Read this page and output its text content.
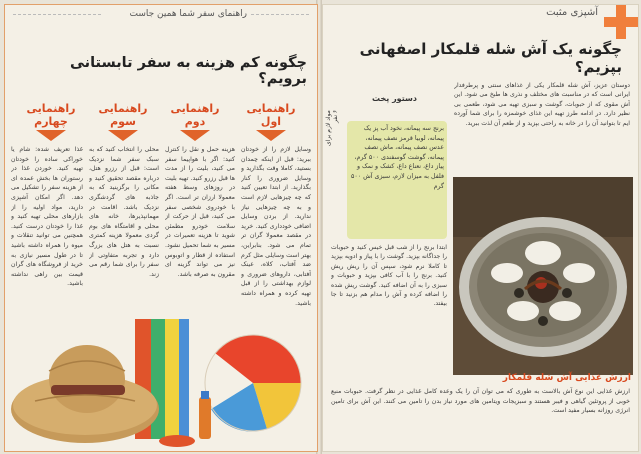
راهنمای سفر شما همین جاست
چگونه کم هزینه به سفر تابستانی برویم؟
راهنمایی اول
راهنمایی دوم
راهنمایی سوم
راهنمایی چهارم
وسایل لازم را از خودتان ببرید: قبل از اینکه چمدان بستید، کاملا وقت بگذارید و وسایل ضروری را کنار بگذارید. از ابتدا تعیین کنید که چه چیزهایی لازم است و به چه چیزهایی نیاز ندارید. از بردن وسایل اضافی خودداری کنید. خرید در مقصد معمولا گران تر تمام می شود. بنابراین، بهتر است وسایلی مثل کرم ضد آفتاب، کلاه، عینک آفتابی، داروهای ضروری و لوازم بهداشتی را از قبل تهیه کرده و همراه داشته باشید.
هزینه حمل و نقل را کنترل کنید: اگر با هواپیما سفر می کنید، بلیت را از مدت ها قبل رزرو کنید. تهیه بلیت در روزهای وسط هفته معمولا ارزان تر است. اگر با خودروی شخصی سفر می کنید، قبل از حرکت از سلامت خودرو مطمئن شوید تا هزینه تعمیرات در مسیر به شما تحمیل نشود. استفاده از قطار و اتوبوس نیز می تواند گزینه ای مقرون به صرفه باشد.
محلی را انتخاب کنید که به سبک سفر شما نزدیک است: قبل از رزرو هتل، درباره مقصد تحقیق کنید و مکانی را برگزینید که به جاذبه های گردشگری نزدیک باشد. اقامت در مهمانپذیرها، خانه های محلی و اقامتگاه های بوم گردی معمولا هزینه کمتری نسبت به هتل های بزرگ دارد و تجربه متفاوتی از سفر را برای شما رقم می زند.
غذا تعریف شده: شام یا خوراکی ساده را خودتان تهیه کنید. خوردن غذا در رستوران ها بخش عمده ای از هزینه سفر را تشکیل می دهد. اگر امکان آشپزی دارید، مواد اولیه را از بازارهای محلی تهیه کنید و غذا را خودتان درست کنید. همچنین می توانید تنقلات و میوه را همراه داشته باشید تا در طول مسیر نیازی به خرید از فروشگاه های گران قیمت بین راهی نداشته باشید.
آشپزی مثبت
چگونه یک آش شله قلمکار اصفهانی بپزیم؟
دوستان عزیز، آش شله قلمکار یکی از غذاهای سنتی و پرطرفدار ایرانی است که در مناسبت های مختلف و نذری ها طبخ می شود. این آش مقوی که از حبوبات، گوشت و سبزی تهیه می شود، طعمی بی نظیر دارد. در ادامه طرز تهیه این غذای خوشمزه را برای شما آورده ایم تا بتوانید آن را در خانه به راحتی بپزید و از طعم آن لذت ببرید.
دستور پخت
مواد لازم برای ۶ نفر
برنج سه پیمانه، نخود آب پز یک پیمانه، لوبیا قرمز نصف پیمانه، عدس نصف پیمانه، ماش نصف پیمانه، گوشت گوسفندی ۵۰۰ گرم، پیاز داغ، نعناع داغ، کشک و نمک و فلفل به میزان لازم، سبزی آش ۵۰۰ گرم
ابتدا برنج را از شب قبل خیس کنید و حبوبات را جداگانه بپزید. گوشت را با پیاز و ادویه بپزید تا کاملا نرم شود، سپس آن را ریش ریش کنید. برنج را با آب کافی بپزید و حبوبات و سبزی را به آن اضافه کنید. گوشت ریش شده را اضافه کرده و آش را مدام هم بزنید تا جا بیفتد.
ارزش غذایی آش شله قلمکار
ارزش غذایی این نوع آش بالاست به طوری که می توان آن را یک وعده کامل غذایی در نظر گرفت. حبوبات منبع خوبی از پروتئین گیاهی و فیبر هستند و سبزیجات ویتامین های مورد نیاز بدن را تامین می کنند. این آش برای تامین انرژی روزانه بسیار مفید است.
